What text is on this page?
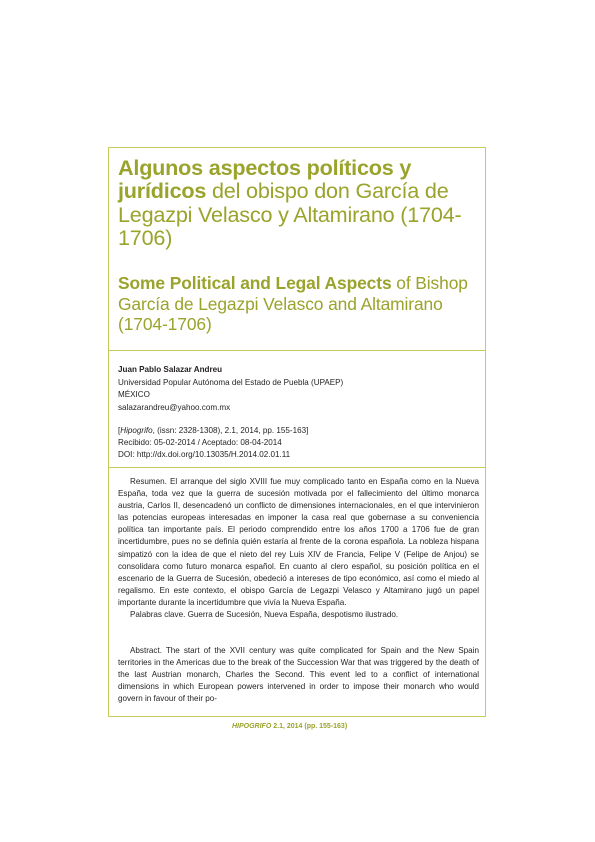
Algunos aspectos políticos y jurídicos del obispo don García de Legazpi Velasco y Altamirano (1704-1706)
Some Political and Legal Aspects of Bishop García de Legazpi Velasco and Altamirano (1704-1706)
Juan Pablo Salazar Andreu
Universidad Popular Autónoma del Estado de Puebla (UPAEP)
MÉXICO
salazarandreu@yahoo.com.mx
[Hipogrifo, (issn: 2328-1308), 2.1, 2014, pp. 155-163]
Recibido: 05-02-2014 / Aceptado: 08-04-2014
DOI: http://dx.doi.org/10.13035/H.2014.02.01.11

Resumen. El arranque del siglo XVIII fue muy complicado tanto en España como en la Nueva España, toda vez que la guerra de sucesión motivada por el fallecimiento del último monarca austria, Carlos II, desencadenó un conflicto de dimensiones internacionales, en el que intervinieron las potencias europeas interesadas en imponer la casa real que gobernase a su conveniencia política tan importante país. El periodo comprendido entre los años 1700 a 1706 fue de gran incertidumbre, pues no se definía quién estaría al frente de la corona española. La nobleza hispana simpatizó con la idea de que el nieto del rey Luis XIV de Francia, Felipe V (Felipe de Anjou) se consolidara como futuro monarca español. En cuanto al clero español, su posición política en el escenario de la Guerra de Sucesión, obedeció a intereses de tipo económico, así como el miedo al regalismo. En este contexto, el obispo García de Legazpi Velasco y Altamirano jugó un papel importante durante la incertidumbre que vivía la Nueva España.

Palabras clave. Guerra de Sucesión, Nueva España, despotismo ilustrado.

Abstract. The start of the XVII century was quite complicated for Spain and the New Spain territories in the Americas due to the break of the Succession War that was triggered by the death of the last Austrian monarch, Charles the Second. This event led to a conflict of international dimensions in which European powers intervened in order to impose their monarch who would govern in favour of their po-

HIPOGRIFO 2.1, 2014 (pp. 155-163)
